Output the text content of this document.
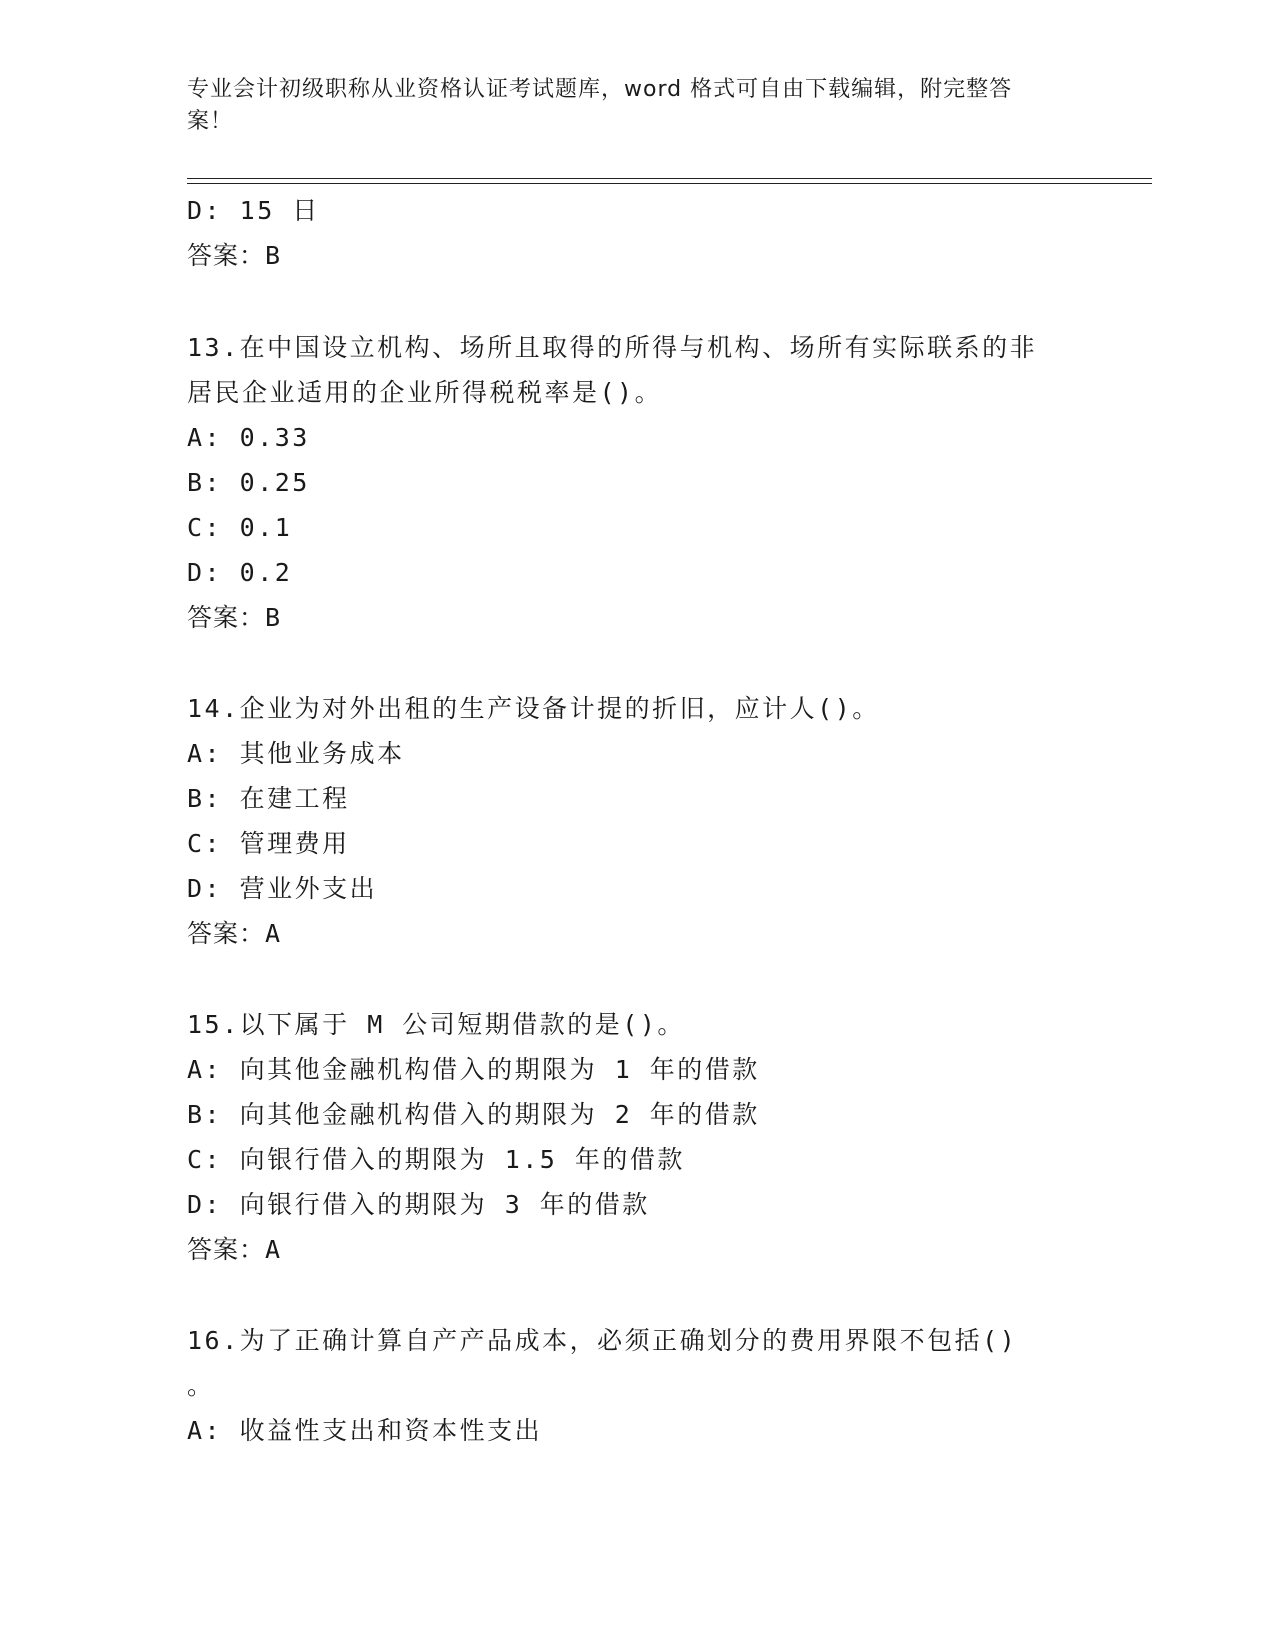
专业会计初级职称从业资格认证考试题库，word 格式可自由下载编辑，附完整答
案！
D: 15 日
答案：B
13.在中国设立机构、场所且取得的所得与机构、场所有实际联系的非
居民企业适用的企业所得税税率是()。
A: 0.33
B: 0.25
C: 0.1
D: 0.2
答案：B
14.企业为对外出租的生产设备计提的折旧，应计人()。
A: 其他业务成本
B: 在建工程
C: 管理费用
D: 营业外支出
答案：A
15.以下属于 M 公司短期借款的是()。
A: 向其他金融机构借入的期限为 1 年的借款
B: 向其他金融机构借入的期限为 2 年的借款
C: 向银行借入的期限为 1.5 年的借款
D: 向银行借入的期限为 3 年的借款
答案：A
16.为了正确计算自产产品成本，必须正确划分的费用界限不包括()
。
A: 收益性支出和资本性支出
